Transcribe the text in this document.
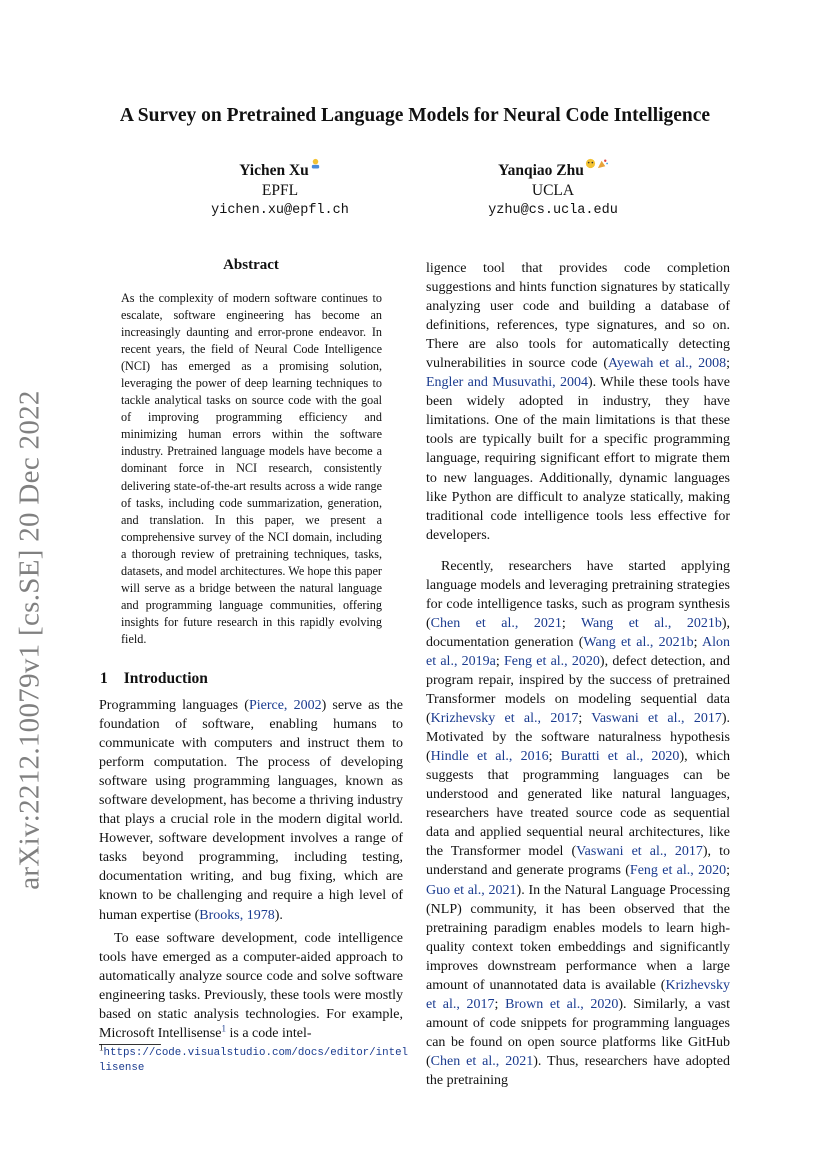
arXiv:2212.10079v1 [cs.SE] 20 Dec 2022
A Survey on Pretrained Language Models for Neural Code Intelligence
Yichen Xu
EPFL
yichen.xu@epfl.ch
Yanqiao Zhu
UCLA
yzhu@cs.ucla.edu
Abstract
As the complexity of modern software continues to escalate, software engineering has become an increasingly daunting and error-prone endeavor. In recent years, the field of Neural Code Intelligence (NCI) has emerged as a promising solution, leveraging the power of deep learning techniques to tackle analytical tasks on source code with the goal of improving programming efficiency and minimizing human errors within the software industry. Pretrained language models have become a dominant force in NCI research, consistently delivering state-of-the-art results across a wide range of tasks, including code summarization, generation, and translation. In this paper, we present a comprehensive survey of the NCI domain, including a thorough review of pretraining techniques, tasks, datasets, and model architectures. We hope this paper will serve as a bridge between the natural language and programming language communities, offering insights for future research in this rapidly evolving field.
1 Introduction

Programming languages (Pierce, 2002) serve as the foundation of software, enabling humans to communicate with computers and instruct them to perform computation. The process of developing software using programming languages, known as software development, has become a thriving industry that plays a crucial role in the modern digital world. However, software development involves a range of tasks beyond programming, including testing, documentation writing, and bug fixing, which are known to be challenging and require a high level of human expertise (Brooks, 1978).

To ease software development, code intelligence tools have emerged as a computer-aided approach to automatically analyze source code and solve software engineering tasks. Previously, these tools were mostly based on static analysis technologies. For example, Microsoft Intellisense$^1$ is a code intel-

ligence tool that provides code completion suggestions and hints function signatures by statically analyzing user code and building a database of definitions, references, type signatures, and so on. There are also tools for automatically detecting vulnerabilities in source code (Ayewah et al., 2008; Engler and Musuvathi, 2004). While these tools have been widely adopted in industry, they have limitations. One of the main limitations is that these tools are typically built for a specific programming language, requiring significant effort to migrate them to new languages. Additionally, dynamic languages like Python are difficult to analyze statically, making traditional code intelligence tools less effective for developers.

Recently, researchers have started applying language models and leveraging pretraining strategies for code intelligence tasks, such as program synthesis (Chen et al., 2021; Wang et al., 2021b), documentation generation (Wang et al., 2021b; Alon et al., 2019a; Feng et al., 2020), defect detection, and program repair, inspired by the success of pretrained Transformer models on modeling sequential data (Krizhevsky et al., 2017; Vaswani et al., 2017). Motivated by the software naturalness hypothesis (Hindle et al., 2016; Buratti et al., 2020), which suggests that programming languages can be understood and generated like natural languages, researchers have treated source code as sequential data and applied sequential neural architectures, like the Transformer model (Vaswani et al., 2017), to understand and generate programs (Feng et al., 2020; Guo et al., 2021). In the Natural Language Processing (NLP) community, it has been observed that the pretraining paradigm enables models to learn high-quality context token embeddings and significantly improves downstream performance when a large amount of unannotated data is available (Krizhevsky et al., 2017; Brown et al., 2020). Similarly, a vast amount of code snippets for programming languages can be found on open source platforms like GitHub (Chen et al., 2021). Thus, researchers have adopted the pretraining

$^1$https://code.visualstudio.com/docs/editor/intellisense
